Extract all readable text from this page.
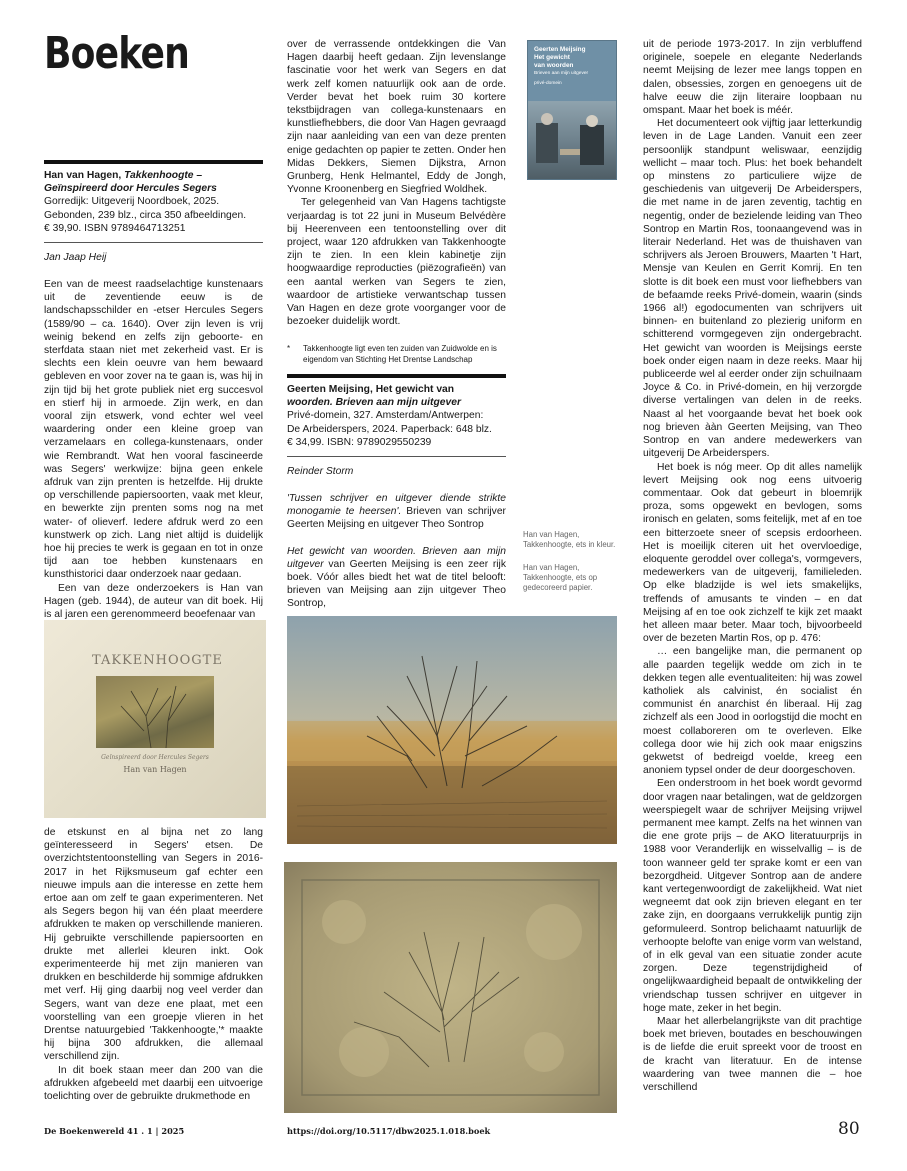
Boeken
Han van Hagen, Takkenhoogte –
Geïnspireerd door Hercules Segers
Gorredijk: Uitgeverij Noordboek, 2025.
Gebonden, 239 blz., circa 350 afbeeldingen.
€ 39,90. ISBN 9789464713251
Jan Jaap Heij

Een van de meest raadselachtige kunstenaars uit de zeventiende eeuw is de landschapsschilder en -etser Hercules Segers (1589/90 – ca. 1640). Over zijn leven is vrij weinig bekend en zelfs zijn geboorte- en sterfdata staan niet met zekerheid vast. Er is slechts een klein oeuvre van hem bewaard gebleven en voor zover na te gaan is, was hij in zijn tijd bij het grote publiek niet erg succesvol en stierf hij in armoede. Zijn werk, en dan vooral zijn etswerk, vond echter wel veel waardering onder een kleine groep van verzamelaars en collega-kunstenaars, onder wie Rembrandt. Wat hen vooral fascineerde was Segers' werkwijze: bijna geen enkele afdruk van zijn prenten is hetzelfde. Hij drukte op verschillende papiersoorten, vaak met kleur, en bewerkte zijn prenten soms nog na met water- of olieverf. Iedere afdruk werd zo een kunstwerk op zich. Lang niet altijd is duidelijk hoe hij precies te werk is gegaan en tot in onze tijd aan toe hebben kunstenaars en kunsthistorici daar onderzoek naar gedaan.

Een van deze onderzoekers is Han van Hagen (geb. 1944), de auteur van dit boek. Hij is al jaren een gerenommeerd beoefenaar van

TAKKENHOOGTE
Geïnspireerd door Hercules Segers
Han van Hagen

de etskunst en al bijna net zo lang geïnteresseerd in Segers' etsen. De overzichtstentoonstelling van Segers in 2016-2017 in het Rijksmuseum gaf echter een nieuwe impuls aan die interesse en zette hem ertoe aan om zelf te gaan experimenteren. Net als Segers begon hij van één plaat meerdere afdrukken te maken op verschillende manieren. Hij gebruikte verschillende papiersoorten en drukte met allerlei kleuren inkt. Ook experimenteerde hij met zijn manieren van drukken en beschilderde hij sommige afdrukken met verf. Hij ging daarbij nog veel verder dan Segers, want van deze ene plaat, met een voorstelling van een groepje vlieren in het Drentse natuurgebied 'Takkenhoogte,'* maakte hij bijna 300 afdrukken, die allemaal verschillend zijn.

In dit boek staan meer dan 200 van die afdrukken afgebeeld met daarbij een uitvoerige toelichting over de gebruikte drukmethode en

over de verrassende ontdekkingen die Van Hagen daarbij heeft gedaan. Zijn levenslange fascinatie voor het werk van Segers en dat werk zelf komen natuurlijk ook aan de orde. Verder bevat het boek ruim 30 kortere tekstbijdragen van collega-kunstenaars en kunstliefhebbers, die door Van Hagen gevraagd zijn naar aanleiding van een van deze prenten enige gedachten op papier te zetten. Onder hen Midas Dekkers, Siemen Dijkstra, Arnon Grunberg, Henk Helmantel, Eddy de Jongh, Yvonne Kroonenberg en Siegfried Woldhek.

Ter gelegenheid van Van Hagens tachtigste verjaardag is tot 22 juni in Museum Belvédère bij Heerenveen een tentoonstelling over dit project, waar 120 afdrukken van Takkenhoogte zijn te zien. In een klein kabinetje zijn hoogwaardige reproducties (piëzografieën) van een aantal werken van Segers te zien, waardoor de artistieke verwantschap tussen Van Hagen en deze grote voorganger voor de bezoeker duidelijk wordt.

*	Takkenhoogte ligt even ten zuiden van Zuidwolde en is eigendom van Stichting Het Drentse Landschap
Geerten Meijsing, Het gewicht van
woorden. Brieven aan mijn uitgever
Privé-domein, 327. Amsterdam/Antwerpen:
De Arbeiderspers, 2024. Paperback: 648 blz.
€ 34,99. ISBN: 9789029550239
Reinder Storm

'Tussen schrijver en uitgever diende strikte monogamie te heersen'. Brieven van schrijver Geerten Meijsing en uitgever Theo Sontrop

Het gewicht van woorden. Brieven aan mijn uitgever van Geerten Meijsing is een zeer rijk boek. Vóór alles biedt het wat de titel belooft: brieven van Meijsing aan zijn uitgever Theo Sontrop,

Geerten Meijsing
Het gewicht
van woorden
Brieven aan mijn uitgever
privé-domein
Han van Hagen, Takkenhoogte, ets in kleur.
Han van Hagen, Takkenhoogte, ets op gedecoreerd papier.

uit de periode 1973-2017. In zijn verbluffend originele, soepele en elegante Nederlands neemt Meijsing de lezer mee langs toppen en dalen, obsessies, zorgen en genoegens uit de halve eeuw die zijn literaire loopbaan nu omspant. Maar het boek is méér.

Het documenteert ook vijftig jaar letterkundig leven in de Lage Landen. Vanuit een zeer persoonlijk standpunt weliswaar, eenzijdig wellicht – maar toch. Plus: het boek behandelt op minstens zo particuliere wijze de geschiedenis van uitgeverij De Arbeiderspers, die met name in de jaren zeventig, tachtig en negentig, onder de bezielende leiding van Theo Sontrop en Martin Ros, toonaangevend was in literair Nederland. Het was de thuishaven van schrijvers als Jeroen Brouwers, Maarten 't Hart, Mensje van Keulen en Gerrit Komrij. En ten slotte is dit boek een must voor liefhebbers van de befaamde reeks Privé-domein, waarin (sinds 1966 al!) egodocumenten van schrijvers uit binnen- en buitenland zo plezierig uniform en schitterend vormgegeven zijn ondergebracht. Het gewicht van woorden is Meijsings eerste boek onder eigen naam in deze reeks. Maar hij publiceerde wel al eerder onder zijn schuilnaam Joyce & Co. in Privé-domein, en hij verzorgde diverse vertalingen van delen in de reeks. Naast al het voorgaande bevat het boek ook nog brieven ààn Geerten Meijsing, van Theo Sontrop en van andere medewerkers van uitgeverij De Arbeiderspers.

Het boek is nóg meer. Op dit alles namelijk levert Meijsing ook nog eens uitvoerig commentaar. Ook dat gebeurt in bloemrijk proza, soms opgewekt en bevlogen, soms ironisch en gelaten, soms feitelijk, met af en toe een bitterzoete sneer of scepsis erdoorheen. Het is moeilijk citeren uit het overvloedige, eloquente geroddel over collega's, vormgevers, medewerkers van de uitgeverij, familieleden. Op elke bladzijde is wel iets smakelijks, treffends of amusants te vinden – en dat Meijsing af en toe ook zichzelf te kijk zet maakt het alleen maar beter. Maar toch, bijvoorbeeld over de bezeten Martin Ros, op p. 476:

… een bangelijke man, die permanent op alle paarden tegelijk wedde om zich in te dekken tegen alle eventualiteiten: hij was zowel katholiek als calvinist, én socialist én communist én anarchist én liberaal. Hij zag zichzelf als een Jood in oorlogstijd die mocht en moest collaboreren om te overleven. Elke collega door wie hij zich ook maar enigszins gekwetst of bedreigd voelde, kreeg een anoniem typsel onder de deur doorgeschoven.

Een onderstroom in het boek wordt gevormd door vragen naar betalingen, wat de geldzorgen weerspiegelt waar de schrijver Meijsing vrijwel permanent mee kampt. Zelfs na het winnen van die ene grote prijs – de AKO literatuurprijs in 1988 voor Veranderlijk en wisselvallig – is de toon wanneer geld ter sprake komt er een van bezorgdheid. Uitgever Sontrop aan de andere kant vertegenwoordigt de zakelijkheid. Wat niet wegneemt dat ook zijn brieven elegant en ter zake zijn, en doorgaans verrukkelijk puntig zijn geformuleerd. Sontrop belichaamt natuurlijk de verhoopte belofte van enige vorm van welstand, of in elk geval van een situatie zonder acute zorgen. Deze tegenstrijdigheid of ongelijkwaardigheid bepaalt de ontwikkeling der vriendschap tussen schrijver en uitgever in hoge mate, zeker in het begin.

Maar het allerbelangrijkste van dit prachtige boek met brieven, boutades en beschouwingen is de liefde die eruit spreekt voor de troost en de kracht van literatuur. En de intense waardering van twee mannen die – hoe verschillend

De Boekenwereld 41 . 1 | 2025	https://doi.org/10.5117/dbw2025.1.018.boek	80
